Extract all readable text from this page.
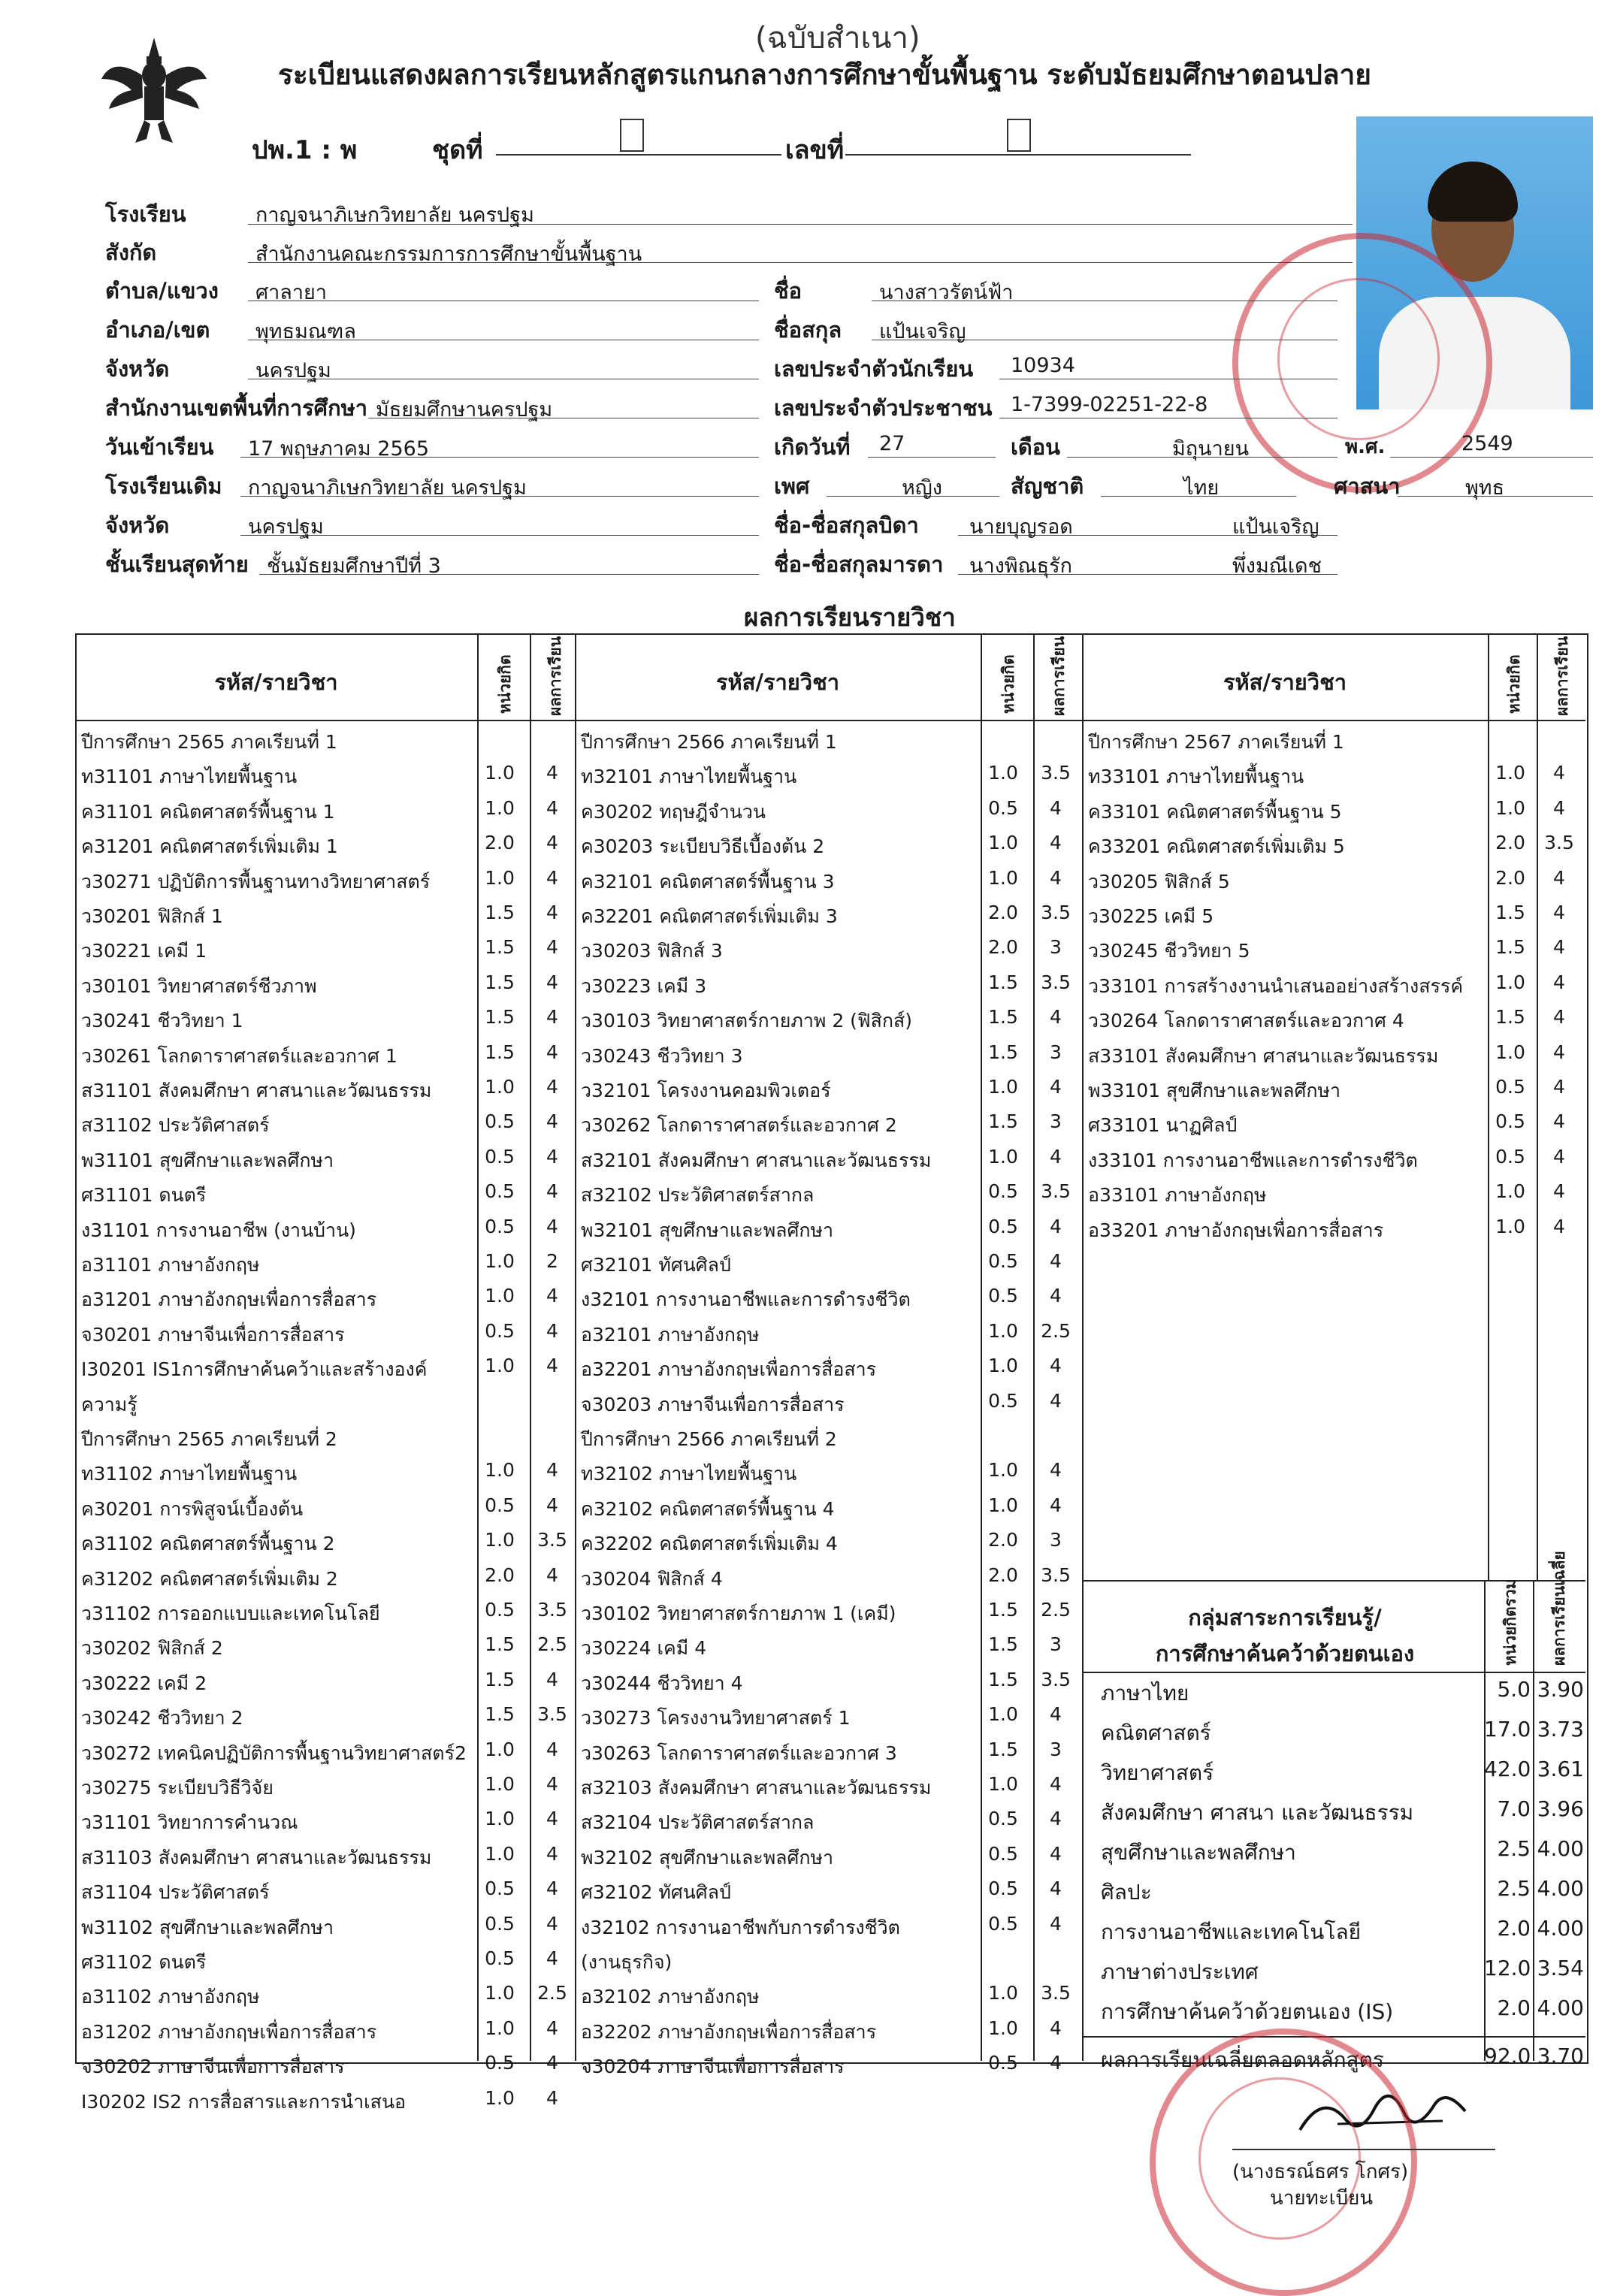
(ฉบับสำเนา)
ระเบียนแสดงผลการเรียนหลักสูตรแกนกลางการศึกษาขั้นพื้นฐาน ระดับมัธยมศึกษาตอนปลาย
ปพ.1 : พ	ชุดที่	เลขที่
โรงเรียน	กาญจนาภิเษกวิทยาลัย นครปฐม
สังกัด	สำนักงานคณะกรรมการการศึกษาขั้นพื้นฐาน
ตำบล/แขวง ศาลายา
อำเภอ/เขต พุทธมณฑล
จังหวัด	นครปฐม
สำนักงานเขตพื้นที่การศึกษา มัธยมศึกษานครปฐม
วันเข้าเรียน 17 พฤษภาคม 2565
โรงเรียนเดิม กาญจนาภิเษกวิทยาลัย นครปฐม
จังหวัด	นครปฐม
ชั้นเรียนสุดท้าย ชั้นมัธยมศึกษาปีที่ 3
ชื่อ	นางสาวรัตน์ฟ้า
ชื่อสกุล แป้นเจริญ
เลขประจำตัวนักเรียน 10934
เลขประจำตัวประชาชน 1-7399-02251-22-8
เกิดวันที่ 27	เดือน	มิถุนายน	พ.ศ.	2549
เพศ	หญิง	สัญชาติ	ไทย	ศาสนา	พุทธ
ชื่อ-ชื่อสกุลบิดา นายบุญรอด	แป้นเจริญ
ชื่อ-ชื่อสกุลมารดา นางพิณธุรัก	พึ่งมณีเดช
ผลการเรียนรายวิชา
รหัส/รายวิชา	หน่วยกิต ผลการเรียน	รหัส/รายวิชา	หน่วยกิต ผลการเรียน	รหัส/รายวิชา	หน่วยกิต ผลการเรียน
ปีการศึกษา 2565 ภาคเรียนที่ 1
ท31101 ภาษาไทยพื้นฐาน	1.0	4
ค31101 คณิตศาสตร์พื้นฐาน 1	1.0	4
ค31201 คณิตศาสตร์เพิ่มเติม 1	2.0	4
ว30271 ปฏิบัติการพื้นฐานทางวิทยาศาสตร์	1.0	4
ว30201 ฟิสิกส์ 1	1.5	4
ว30221 เคมี 1	1.5	4
ว30101 วิทยาศาสตร์ชีวภาพ	1.5	4
ว30241 ชีววิทยา 1	1.5	4
ว30261 โลกดาราศาสตร์และอวกาศ 1	1.5	4
ส31101 สังคมศึกษา ศาสนาและวัฒนธรรม	1.0	4
ส31102 ประวัติศาสตร์	0.5	4
พ31101 สุขศึกษาและพลศึกษา	0.5	4
ศ31101 ดนตรี	0.5	4
ง31101 การงานอาชีพ (งานบ้าน)	0.5	4
อ31101 ภาษาอังกฤษ	1.0	2
อ31201 ภาษาอังกฤษเพื่อการสื่อสาร	1.0	4
จ30201 ภาษาจีนเพื่อการสื่อสาร	0.5	4
I30201 IS1การศึกษาค้นคว้าและสร้างองค์	1.0	4
ความรู้
ปีการศึกษา 2565 ภาคเรียนที่ 2
ท31102 ภาษาไทยพื้นฐาน	1.0	4
ค30201 การพิสูจน์เบื้องต้น	0.5	4
ค31102 คณิตศาสตร์พื้นฐาน 2	1.0	3.5
ค31202 คณิตศาสตร์เพิ่มเติม 2	2.0	4
ว31102 การออกแบบและเทคโนโลยี	0.5	3.5
ว30202 ฟิสิกส์ 2	1.5	2.5
ว30222 เคมี 2	1.5	4
ว30242 ชีววิทยา 2	1.5	3.5
ว30272 เทคนิคปฏิบัติการพื้นฐานวิทยาศาสตร์2 1.0	4
ว30275 ระเบียบวิธีวิจัย	1.0	4
ว31101 วิทยาการคำนวณ	1.0	4
ส31103 สังคมศึกษา ศาสนาและวัฒนธรรม	1.0	4
ส31104 ประวัติศาสตร์	0.5	4
พ31102 สุขศึกษาและพลศึกษา	0.5	4
ศ31102 ดนตรี	0.5	4
อ31102 ภาษาอังกฤษ	1.0	2.5
อ31202 ภาษาอังกฤษเพื่อการสื่อสาร	1.0	4
จ30202 ภาษาจีนเพื่อการสื่อสาร	0.5	4
I30202 IS2 การสื่อสารและการนำเสนอ	1.0	4
ปีการศึกษา 2566 ภาคเรียนที่ 1
ท32101 ภาษาไทยพื้นฐาน	1.0	3.5
ค30202 ทฤษฎีจำนวน	0.5	4
ค30203 ระเบียบวิธีเบื้องต้น 2	1.0	4
ค32101 คณิตศาสตร์พื้นฐาน 3	1.0	4
ค32201 คณิตศาสตร์เพิ่มเติม 3	2.0	3.5
ว30203 ฟิสิกส์ 3	2.0	3
ว30223 เคมี 3	1.5	3.5
ว30103 วิทยาศาสตร์กายภาพ 2 (ฟิสิกส์)	1.5	4
ว30243 ชีววิทยา 3	1.5	3
ว32101 โครงงานคอมพิวเตอร์	1.0	4
ว30262 โลกดาราศาสตร์และอวกาศ 2	1.5	3
ส32101 สังคมศึกษา ศาสนาและวัฒนธรรม	1.0	4
ส32102 ประวัติศาสตร์สากล	0.5	3.5
พ32101 สุขศึกษาและพลศึกษา	0.5	4
ศ32101 ทัศนศิลป์	0.5	4
ง32101 การงานอาชีพและการดำรงชีวิต	0.5	4
อ32101 ภาษาอังกฤษ	1.0	2.5
อ32201 ภาษาอังกฤษเพื่อการสื่อสาร	1.0	4
จ30203 ภาษาจีนเพื่อการสื่อสาร	0.5	4
ปีการศึกษา 2566 ภาคเรียนที่ 2
ท32102 ภาษาไทยพื้นฐาน	1.0	4
ค32102 คณิตศาสตร์พื้นฐาน 4	1.0	4
ค32202 คณิตศาสตร์เพิ่มเติม 4	2.0	3
ว30204 ฟิสิกส์ 4	2.0	3.5
ว30102 วิทยาศาสตร์กายภาพ 1 (เคมี)	1.5	2.5
ว30224 เคมี 4	1.5	3
ว30244 ชีววิทยา 4	1.5	3.5
ว30273 โครงงานวิทยาศาสตร์ 1	1.0	4
ว30263 โลกดาราศาสตร์และอวกาศ 3	1.5	3
ส32103 สังคมศึกษา ศาสนาและวัฒนธรรม	1.0	4
ส32104 ประวัติศาสตร์สากล	0.5	4
พ32102 สุขศึกษาและพลศึกษา	0.5	4
ศ32102 ทัศนศิลป์	0.5	4
ง32102 การงานอาชีพกับการดำรงชีวิต	0.5	4
(งานธุรกิจ)
อ32102 ภาษาอังกฤษ	1.0	3.5
อ32202 ภาษาอังกฤษเพื่อการสื่อสาร	1.0	4
จ30204 ภาษาจีนเพื่อการสื่อสาร	0.5	4
ปีการศึกษา 2567 ภาคเรียนที่ 1
ท33101 ภาษาไทยพื้นฐาน	1.0	4
ค33101 คณิตศาสตร์พื้นฐาน 5	1.0	4
ค33201 คณิตศาสตร์เพิ่มเติม 5	2.0	3.5
ว30205 ฟิสิกส์ 5	2.0	4
ว30225 เคมี 5	1.5	4
ว30245 ชีววิทยา 5	1.5	4
ว33101 การสร้างงานนำเสนออย่างสร้างสรรค์	1.0	4
ว30264 โลกดาราศาสตร์และอวกาศ 4	1.5	4
ส33101 สังคมศึกษา ศาสนาและวัฒนธรรม	1.0	4
พ33101 สุขศึกษาและพลศึกษา	0.5	4
ศ33101 นาฏศิลป์	0.5	4
ง33101 การงานอาชีพและการดำรงชีวิต	0.5	4
อ33101 ภาษาอังกฤษ	1.0	4
อ33201 ภาษาอังกฤษเพื่อการสื่อสาร	1.0	4
กลุ่มสาระการเรียนรู้/
การศึกษาค้นคว้าด้วยตนเอง	หน่วยกิตรวม ผลการเรียนเฉลี่ย
ภาษาไทย	5.0 3.90
คณิตศาสตร์	17.0 3.73
วิทยาศาสตร์	42.0 3.61
สังคมศึกษา ศาสนา และวัฒนธรรม	7.0 3.96
สุขศึกษาและพลศึกษา	2.5 4.00
ศิลปะ	2.5 4.00
การงานอาชีพและเทคโนโลยี	2.0 4.00
ภาษาต่างประเทศ	12.0 3.54
การศึกษาค้นคว้าด้วยตนเอง (IS)	2.0 4.00
ผลการเรียนเฉลี่ยตลอดหลักสูตร	92.0 3.70
(นางธรณ์ธศร โกศร)
นายทะเบียน
